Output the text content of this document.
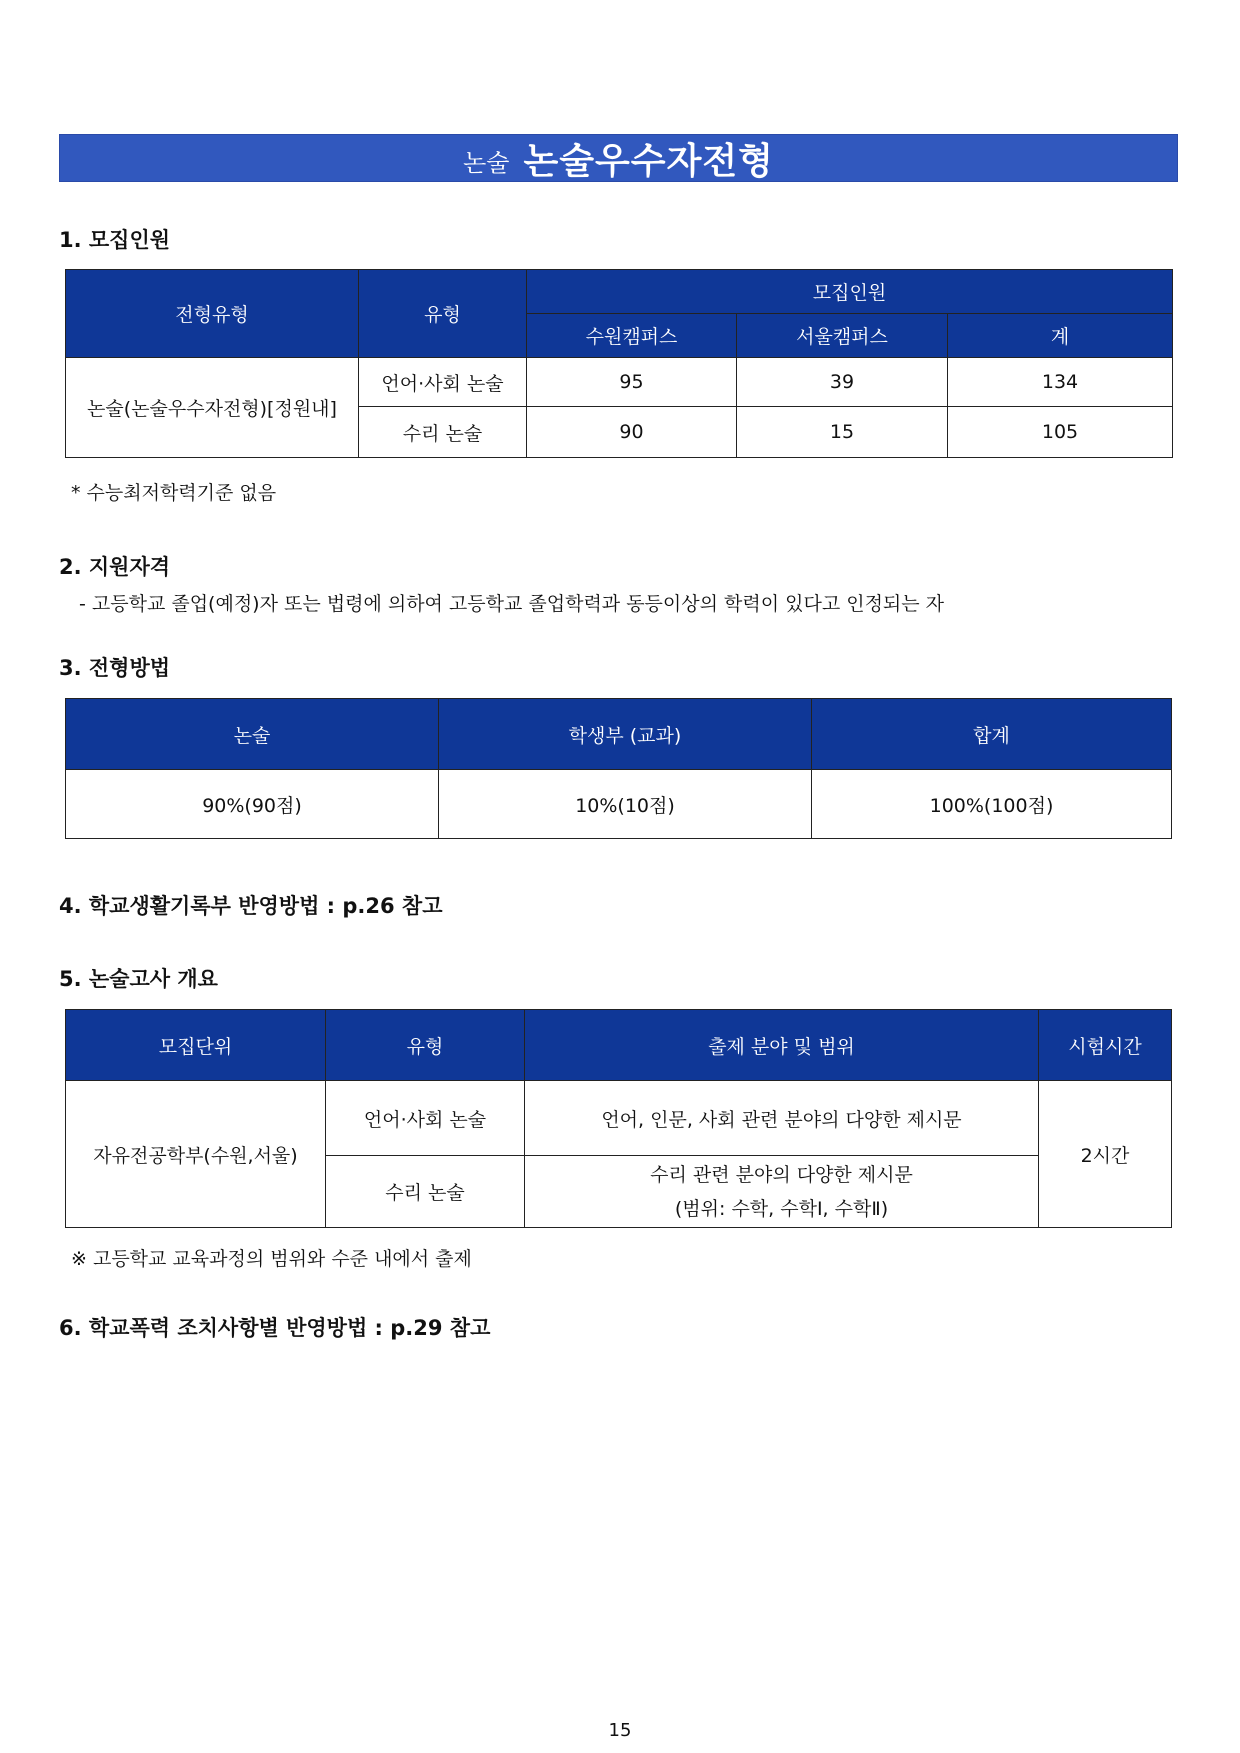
논술 논술우수자전형
1. 모집인원
전형유형	유형	모집인원		
		수원캠퍼스	서울캠퍼스	계
논술(논술우수자전형)[정원내]	언어·사회 논술	95	39	134
	수리 논술	90	15	105
* 수능최저학력기준 없음
2. 지원자격
- 고등학교 졸업(예정)자 또는 법령에 의하여 고등학교 졸업학력과 동등이상의 학력이 있다고 인정되는 자
3. 전형방법
논술	학생부 (교과)	합계
90%(90점)	10%(10점)	100%(100점)
4. 학교생활기록부 반영방법 : p.26 참고
5. 논술고사 개요
모집단위	유형	출제 분야 및 범위	시험시간
자유전공학부(수원,서울)	언어·사회 논술	언어, 인문, 사회 관련 분야의 다양한 제시문	2시간
	수리 논술	수리 관련 분야의 다양한 제시문
(범위: 수학, 수학Ⅰ, 수학Ⅱ)	
※ 고등학교 교육과정의 범위와 수준 내에서 출제
6. 학교폭력 조치사항별 반영방법 : p.29 참고
15
